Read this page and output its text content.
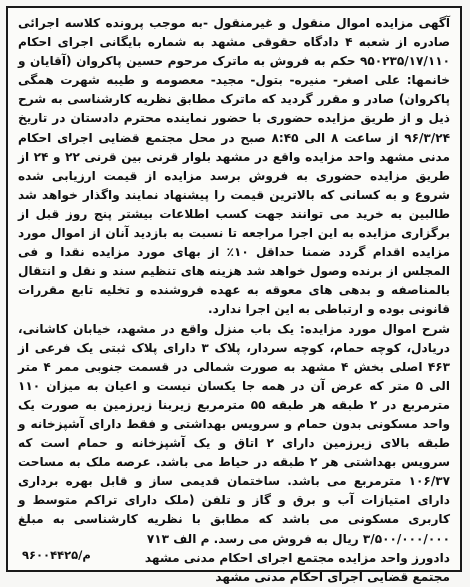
آگهی مزایده اموال منقول و غیرمنقول -به موجب پرونده کلاسه اجرائی صادره از شعبه ۴ دادگاه حقوقی مشهد به شماره بایگانی اجرای احکام ۹۵۰۲۳۵/۱۷/۱۱۰ حکم به فروش به ماترک مرحوم حسین پاکروان (آقایان و خانمها: علی اصغر- منیره- بتول- مجید- معصومه و طیبه شهرت همگی پاکروان) صادر و مقرر گردید که ماترک مطابق نظریه کارشناسی به شرح ذیل و از طریق مزایده حضوری با حضور نماینده محترم دادستان در تاریخ ۹۶/۳/۲۴ از ساعت ۸ الی ۸:۴۵ صبح در محل مجتمع قضایی اجرای احکام مدنی مشهد واحد مزایده واقع در مشهد بلوار قرنی بین قرنی ۲۲ و ۲۴ از طریق مزایده حضوری به فروش برسد مزایده از قیمت ارزیابی شده شروع و به کسانی که بالاترین قیمت را پیشنهاد نمایند واگذار خواهد شد طالبین به خرید می توانند جهت کسب اطلاعات بیشتر پنج روز قبل از برگزاری مزایده به این اجرا مراجعه تا نسبت به بازدید آنان از اموال مورد مزایده اقدام گردد ضمنا حداقل ۱۰٪ از بهای مورد مزایده نقدا و فی المجلس از برنده وصول خواهد شد هزینه های تنظیم سند و نقل و انتقال بالمناصفه و بدهی های معوقه به عهده فروشنده و تخلیه تابع مقررات قانونی بوده و ارتباطی به این اجرا ندارد.

شرح اموال مورد مزایده: یک باب منزل واقع در مشهد، خیابان کاشانی، دریادل، کوچه حمام، کوچه سردار، پلاک ۳ دارای پلاک ثبتی یک فرعی از ۴۶۳ اصلی بخش ۴ مشهد به صورت شمالی در قسمت جنوبی ممر ۴ متر الی ۵ متر که عرض آن در همه جا یکسان نیست و اعیان به میزان ۱۱۰ مترمربع در ۲ طبقه هر طبقه ۵۵ مترمربع زیربنا زیرزمین به صورت یک واحد مسکونی بدون حمام و سرویس بهداشتی و فقط دارای آشپزخانه و طبقه بالای زیرزمین دارای ۲ اتاق و یک آشپزخانه و حمام است که سرویس بهداشتی هر ۲ طبقه در حیاط می باشد. عرصه ملک به مساحت ۱۰۶/۳۷ مترمربع می باشد. ساختمان قدیمی ساز و قابل بهره برداری دارای امتیازات آب و برق و گاز و تلفن (ملک دارای تراکم متوسط و کاربری مسکونی می باشد که مطابق با نظریه کارشناسی به مبلغ ۳/۵۰۰/۰۰۰/۰۰۰ ریال به فروش می رسد. م الف ۷۱۳

دادورز واحد مزایده مجتمع اجرای احکام مدنی مشهد

مجتمع قضایی اجرای احکام مدنی مشهد

۹۶۰۰۴۴۲۵/م
